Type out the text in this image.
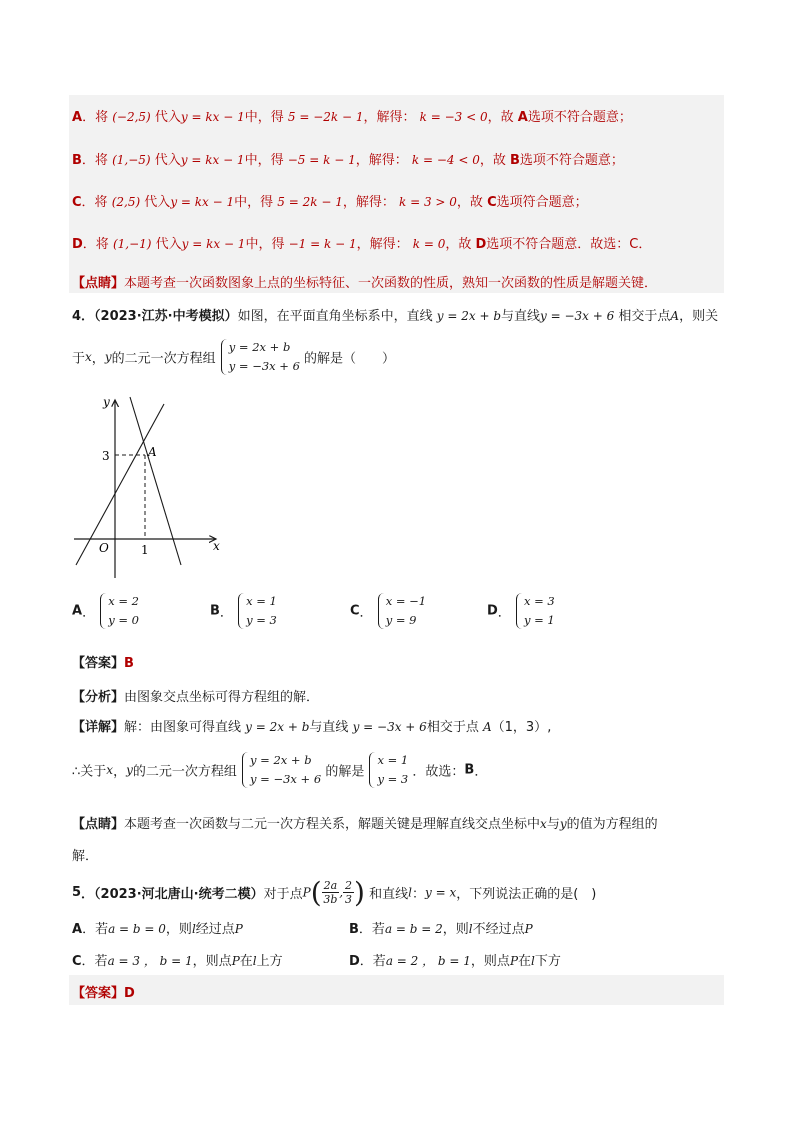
A．将 (−2,5) 代入y = kx − 1中，得 5 = −2k − 1，解得： k = −3 < 0，故 A选项不符合题意；
B．将 (1,−5) 代入y = kx − 1中，得 −5 = k − 1，解得： k = −4 < 0，故 B选项不符合题意；
C．将 (2,5) 代入y = kx − 1中，得 5 = 2k − 1，解得： k = 3 > 0，故 C选项符合题意；
D．将 (1,−1) 代入y = kx − 1中，得 −1 = k − 1，解得： k = 0，故 D选项不符合题意．故选：C．
【点睛】本题考查一次函数图象上点的坐标特征、一次函数的性质，熟知一次函数的性质是解题关键．
4．（2023·江苏·中考模拟）如图，在平面直角坐标系中，直线 y = 2x + b与直线y = −3x + 6 相交于点A，则关
于x，y的二元一次方程组
y = 2x + b
y = −3x + 6 的解是（　　）
y
x
O
3
1
A
A．
x = 2
y = 0
B．
x = 1
y = 3
C．
x = −1
y = 9
D．
x = 3
y = 1
【答案】B
【分析】由图象交点坐标可得方程组的解．
【详解】解：由图象可得直线 y = 2x + b与直线 y = −3x + 6相交于点 A（1，3）,
∴关于x，y的二元一次方程组
y = 2x + b
y = −3x + 6 的解是
x = 1
y = 3 ．故选：B．
【点睛】本题考查一次函数与二元一次方程关系，解题关键是理解直线交点坐标中x与y的值为方程组的
解．
5．（2023·河北唐山·统考二模）对于点$P( \frac{2a}{3b}$ , $\frac{2}{3}$ ) 和直线l：y = x，下列说法正确的是(　)
A．若a = b = 0，则l经过点P	B．若a = b = 2，则l不经过点P
C．若a = 3 ， b = 1，则点P在l上方	D．若a = 2 ， b = 1，则点P在l下方
【答案】D
